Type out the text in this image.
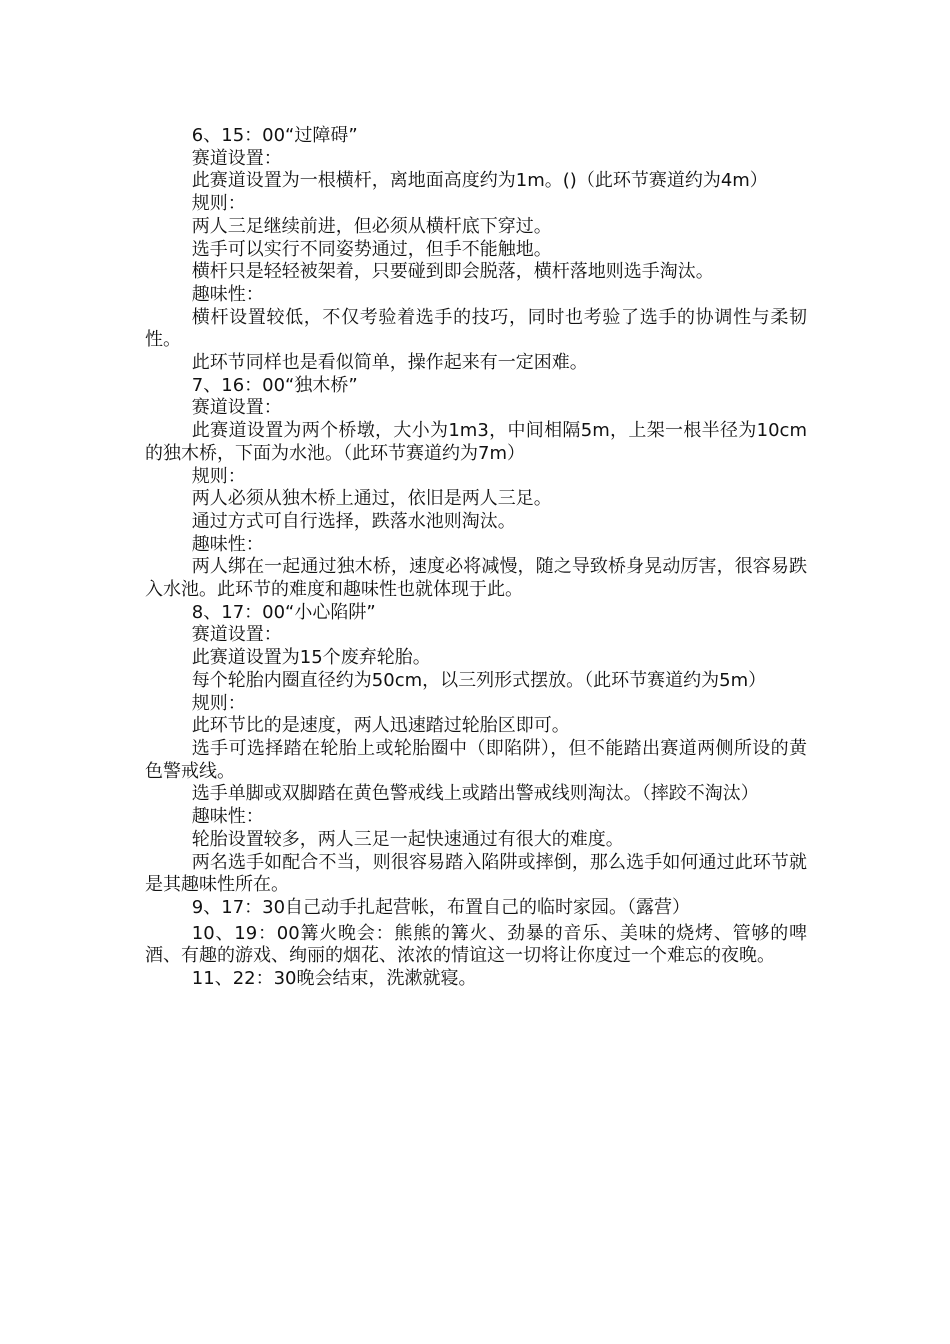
6、15：00“过障碍”

赛道设置：

此赛道设置为一根横杆，离地面高度约为1m。()（此环节赛道约为4m）

规则：

两人三足继续前进，但必须从横杆底下穿过。

选手可以实行不同姿势通过，但手不能触地。

横杆只是轻轻被架着，只要碰到即会脱落，横杆落地则选手淘汰。

趣味性：

横杆设置较低，不仅考验着选手的技巧，同时也考验了选手的协调性与柔韧性。

此环节同样也是看似简单，操作起来有一定困难。

7、16：00“独木桥”

赛道设置：

此赛道设置为两个桥墩，大小为1m3，中间相隔5m，上架一根半径为10cm的独木桥，下面为水池。（此环节赛道约为7m）

规则：

两人必须从独木桥上通过，依旧是两人三足。

通过方式可自行选择，跌落水池则淘汰。

趣味性：

两人绑在一起通过独木桥，速度必将减慢，随之导致桥身晃动厉害，很容易跌入水池。此环节的难度和趣味性也就体现于此。

8、17：00“小心陷阱”

赛道设置：

此赛道设置为15个废弃轮胎。

每个轮胎内圈直径约为50cm，以三列形式摆放。（此环节赛道约为5m）

规则：

此环节比的是速度，两人迅速踏过轮胎区即可。

选手可选择踏在轮胎上或轮胎圈中（即陷阱），但不能踏出赛道两侧所设的黄色警戒线。

选手单脚或双脚踏在黄色警戒线上或踏出警戒线则淘汰。（摔跤不淘汰）

趣味性：

轮胎设置较多，两人三足一起快速通过有很大的难度。

两名选手如配合不当，则很容易踏入陷阱或摔倒，那么选手如何通过此环节就是其趣味性所在。

9、17：30自己动手扎起营帐，布置自己的临时家园。（露营）

10、19：00篝火晚会：熊熊的篝火、劲暴的音乐、美味的烧烤、管够的啤酒、有趣的游戏、绚丽的烟花、浓浓的情谊这一切将让你度过一个难忘的夜晚。

11、22：30晚会结束，洗漱就寝。
